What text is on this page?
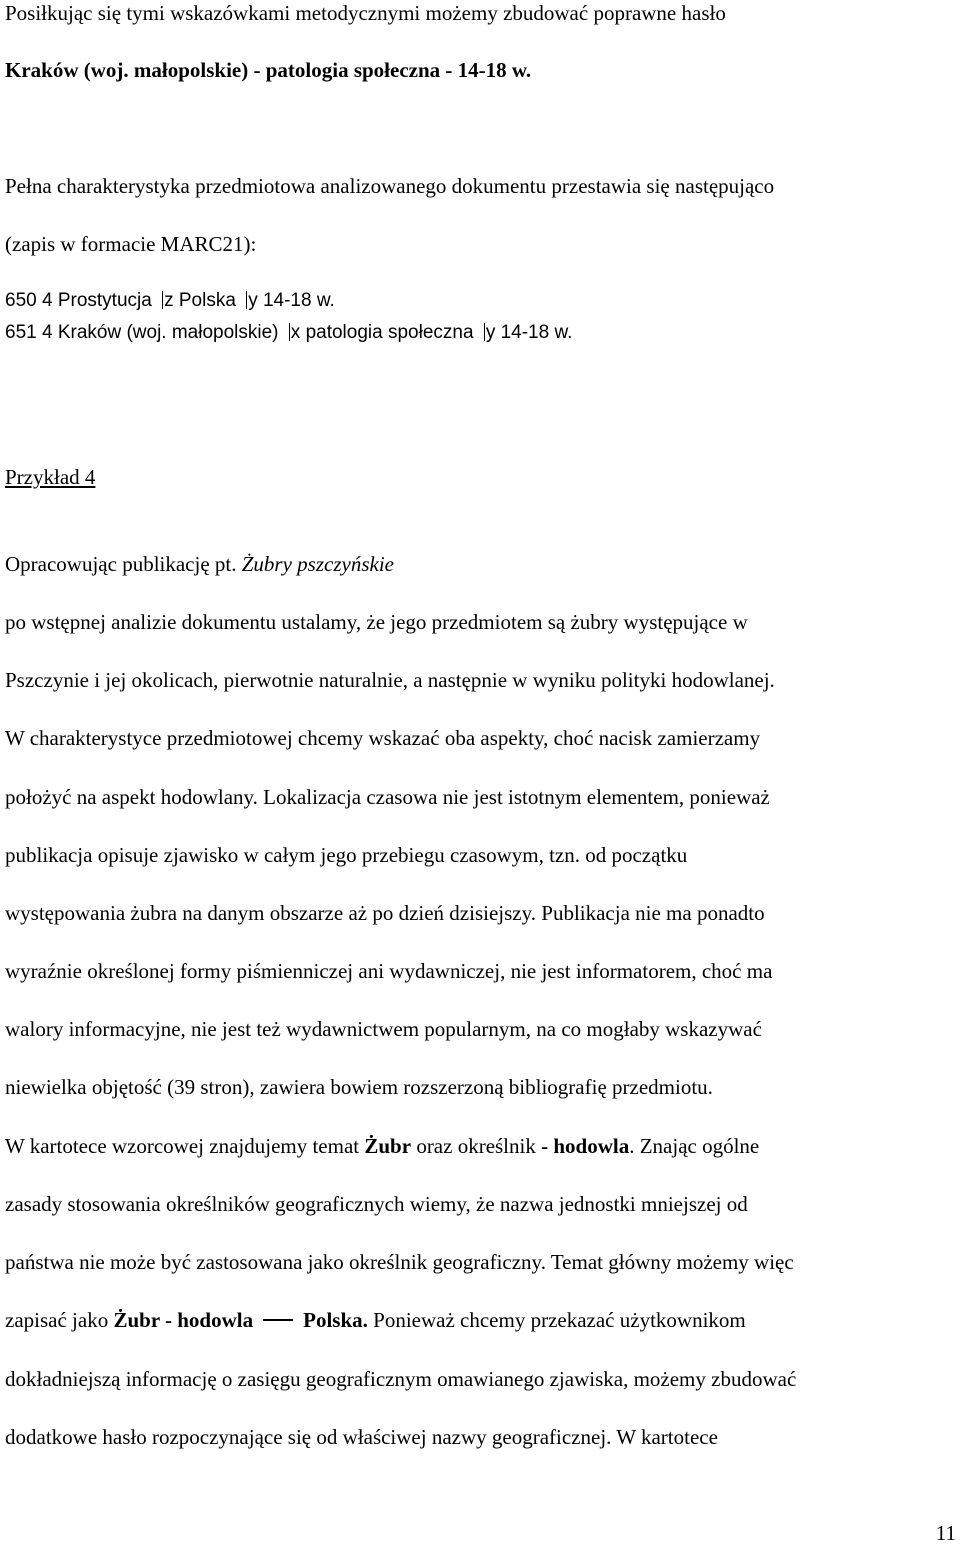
Posiłkując się tymi wskazówkami metodycznymi możemy zbudować poprawne hasło
Kraków (woj. małopolskie) - patologia społeczna - 14-18 w.
Pełna charakterystyka przedmiotowa analizowanego dokumentu przestawia się następująco
(zapis w formacie MARC21):
650 4 Prostytucja z Polska y 14-18 w.
651 4 Kraków (woj. małopolskie) x patologia społeczna y 14-18 w.
Przykład 4
Opracowując publikację pt. Żubry pszczyńskie
po wstępnej analizie dokumentu ustalamy, że jego przedmiotem są żubry występujące w
Pszczynie i jej okolicach, pierwotnie naturalnie, a następnie w wyniku polityki hodowlanej.
W charakterystyce przedmiotowej chcemy wskazać oba aspekty, choć nacisk zamierzamy
położyć na aspekt hodowlany. Lokalizacja czasowa nie jest istotnym elementem, ponieważ
publikacja opisuje zjawisko w całym jego przebiegu czasowym, tzn. od początku
występowania żubra na danym obszarze aż po dzień dzisiejszy. Publikacja nie ma ponadto
wyraźnie określonej formy piśmienniczej ani wydawniczej, nie jest informatorem, choć ma
walory informacyjne, nie jest też wydawnictwem popularnym, na co mogłaby wskazywać
niewielka objętość (39 stron), zawiera bowiem rozszerzoną bibliografię przedmiotu.
W kartotece wzorcowej znajdujemy temat Żubr oraz określnik - hodowla. Znając ogólne
zasady stosowania określników geograficznych wiemy, że nazwa jednostki mniejszej od
państwa nie może być zastosowana jako określnik geograficzny. Temat główny możemy więc
zapisać jako Żubr - hodowla Polska. Ponieważ chcemy przekazać użytkownikom
dokładniejszą informację o zasięgu geograficznym omawianego zjawiska, możemy zbudować
dodatkowe hasło rozpoczynające się od właściwej nazwy geograficznej. W kartotece
11
